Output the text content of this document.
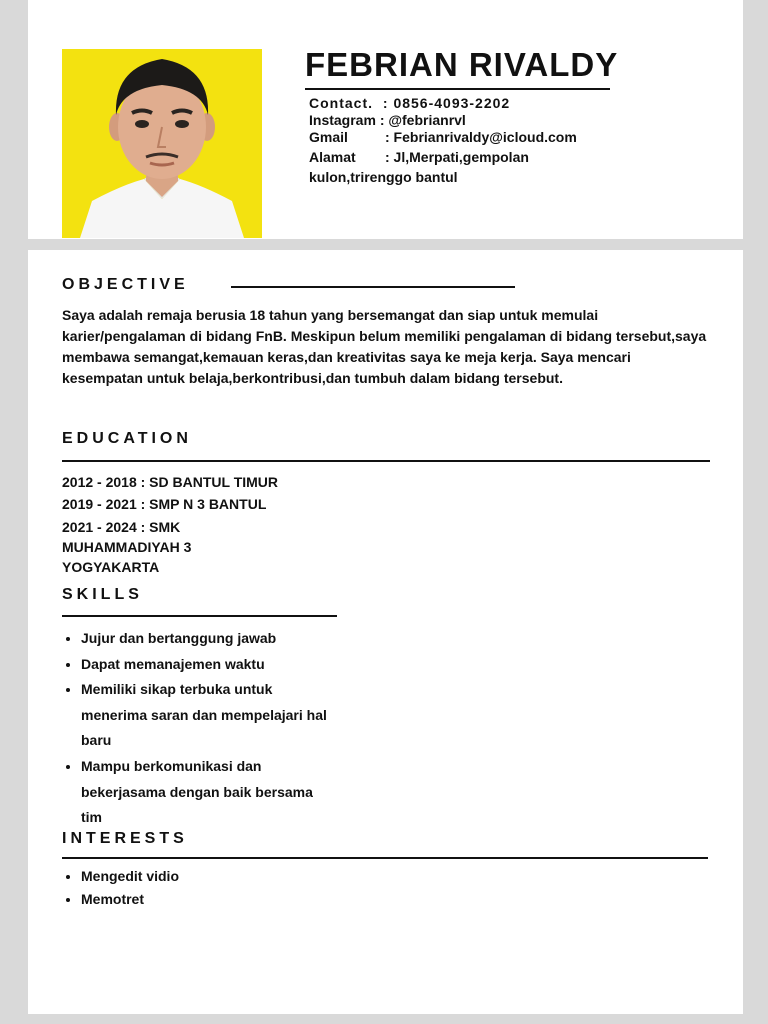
FEBRIAN RIVALDY
Contact. : 0856-4093-2202
Instagram : @febrianrvl
Gmail	: Febrianrivaldy@icloud.com
Alamat : Jl,Merpati,gempolan
kulon,trirenggo bantul
OBJECTIVE
Saya adalah remaja berusia 18 tahun yang bersemangat dan siap untuk memulai karier/pengalaman di bidang FnB. Meskipun belum memiliki pengalaman di bidang tersebut,saya membawa semangat,kemauan keras,dan kreativitas saya ke meja kerja. Saya mencari kesempatan untuk belaja,berkontribusi,dan tumbuh dalam bidang tersebut.
EDUCATION
2012 - 2018 : SD BANTUL TIMUR
2019 - 2021 : SMP N 3 BANTUL
2021 - 2024 : SMK
MUHAMMADIYAH 3
YOGYAKARTA
SKILLS
• Jujur dan bertanggung jawab
• Dapat memanajemen waktu
• Memiliki sikap terbuka untuk menerima saran dan mempelajari hal baru
• Mampu berkomunikasi dan bekerjasama dengan baik bersama tim
INTERESTS
• Mengedit vidio
• Memotret
